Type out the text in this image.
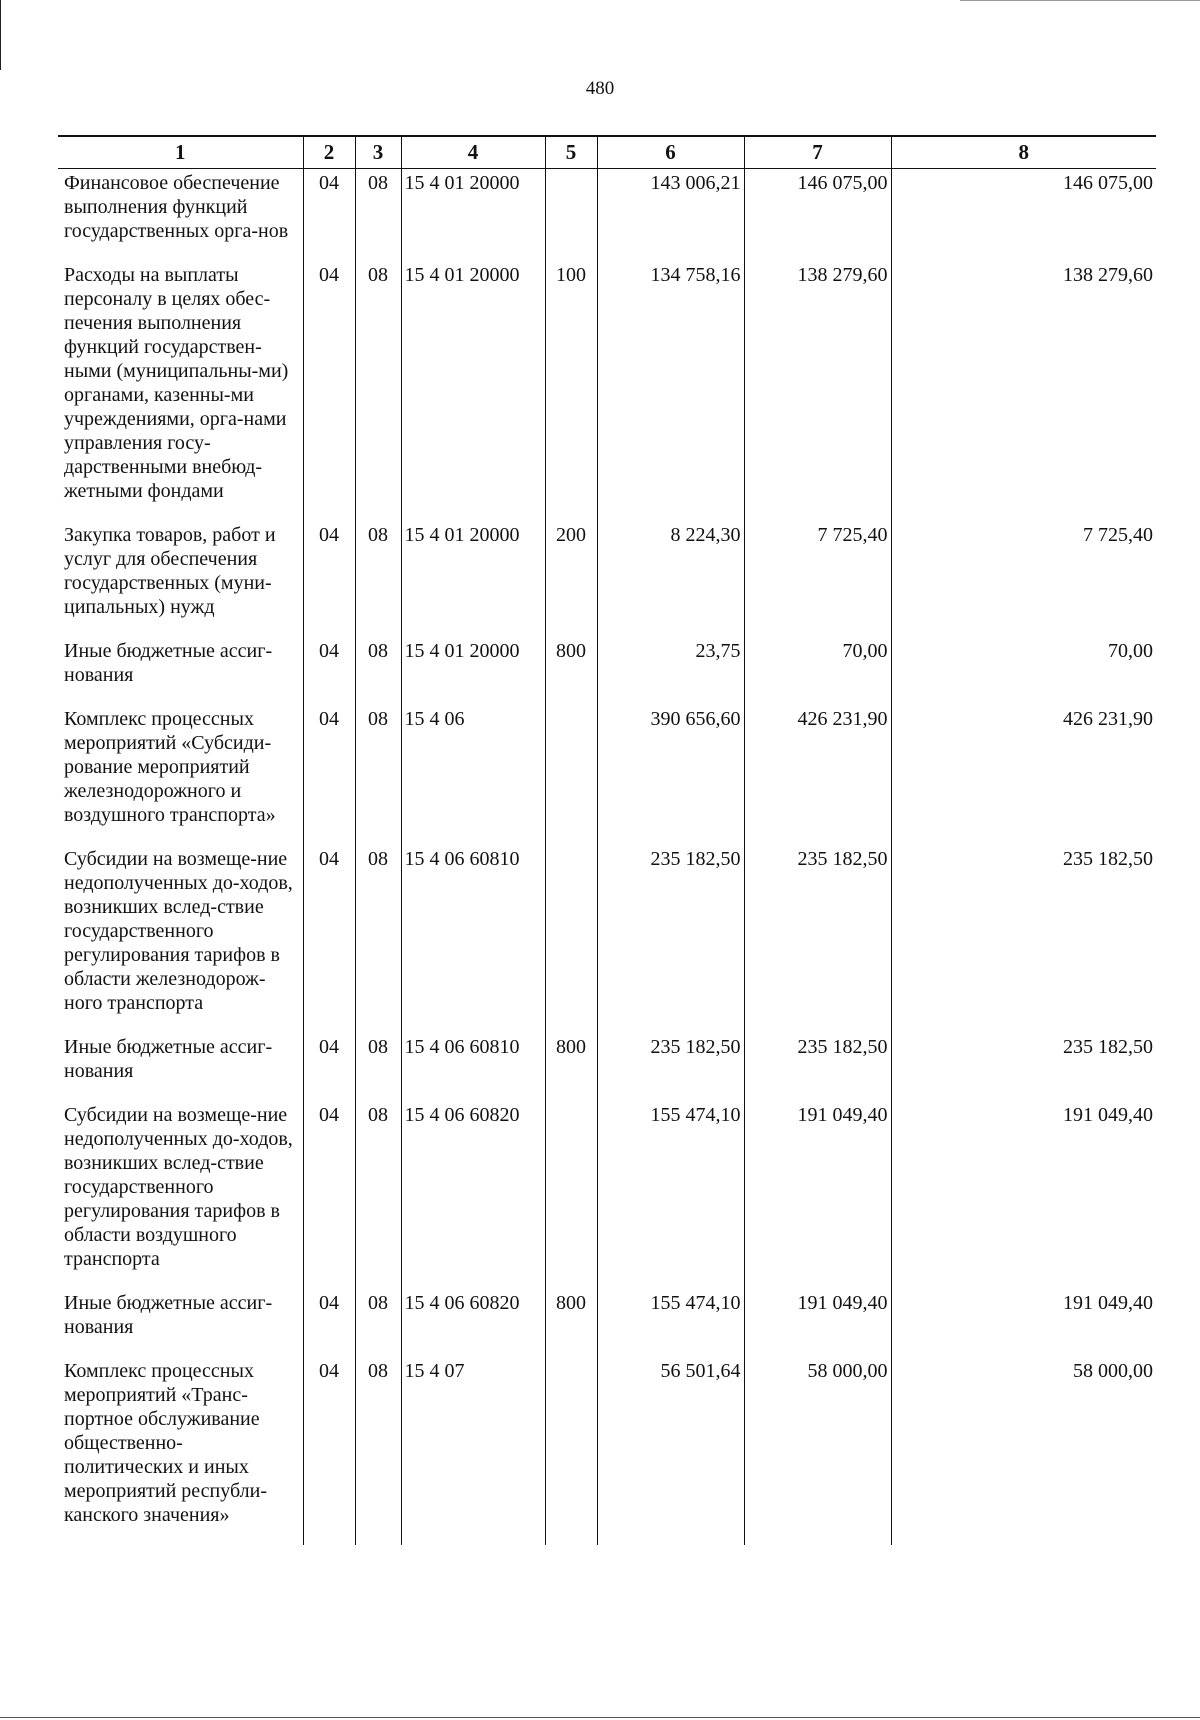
480
1	2	3	4	5	6	7	8
Финансовое обеспечение выполнения функций государственных орга-нов	04	08	15 4 01 20000		143 006,21	146 075,00	146 075,00
Расходы на выплаты персоналу в целях обес-печения выполнения функций государствен-ными (муниципальны-ми) органами, казенны-ми учреждениями, орга-нами управления госу-дарственными внебюд-жетными фондами	04	08	15 4 01 20000	100	134 758,16	138 279,60	138 279,60
Закупка товаров, работ и услуг для обеспечения государственных (муни-ципальных) нужд	04	08	15 4 01 20000	200	8 224,30	7 725,40	7 725,40
Иные бюджетные ассиг-нования	04	08	15 4 01 20000	800	23,75	70,00	70,00
Комплекс процессных мероприятий «Субсиди-рование мероприятий железнодорожного и воздушного транспорта»	04	08	15 4 06		390 656,60	426 231,90	426 231,90
Субсидии на возмеще-ние недополученных до-ходов, возникших вслед-ствие государственного регулирования тарифов в области железнодорож-ного транспорта	04	08	15 4 06 60810		235 182,50	235 182,50	235 182,50
Иные бюджетные ассиг-нования	04	08	15 4 06 60810	800	235 182,50	235 182,50	235 182,50
Субсидии на возмеще-ние недополученных до-ходов, возникших вслед-ствие государственного регулирования тарифов в области воздушного транспорта	04	08	15 4 06 60820		155 474,10	191 049,40	191 049,40
Иные бюджетные ассиг-нования	04	08	15 4 06 60820	800	155 474,10	191 049,40	191 049,40
Комплекс процессных мероприятий «Транс-портное обслуживание общественно-политических и иных мероприятий республи-канского значения»	04	08	15 4 07		56 501,64	58 000,00	58 000,00
